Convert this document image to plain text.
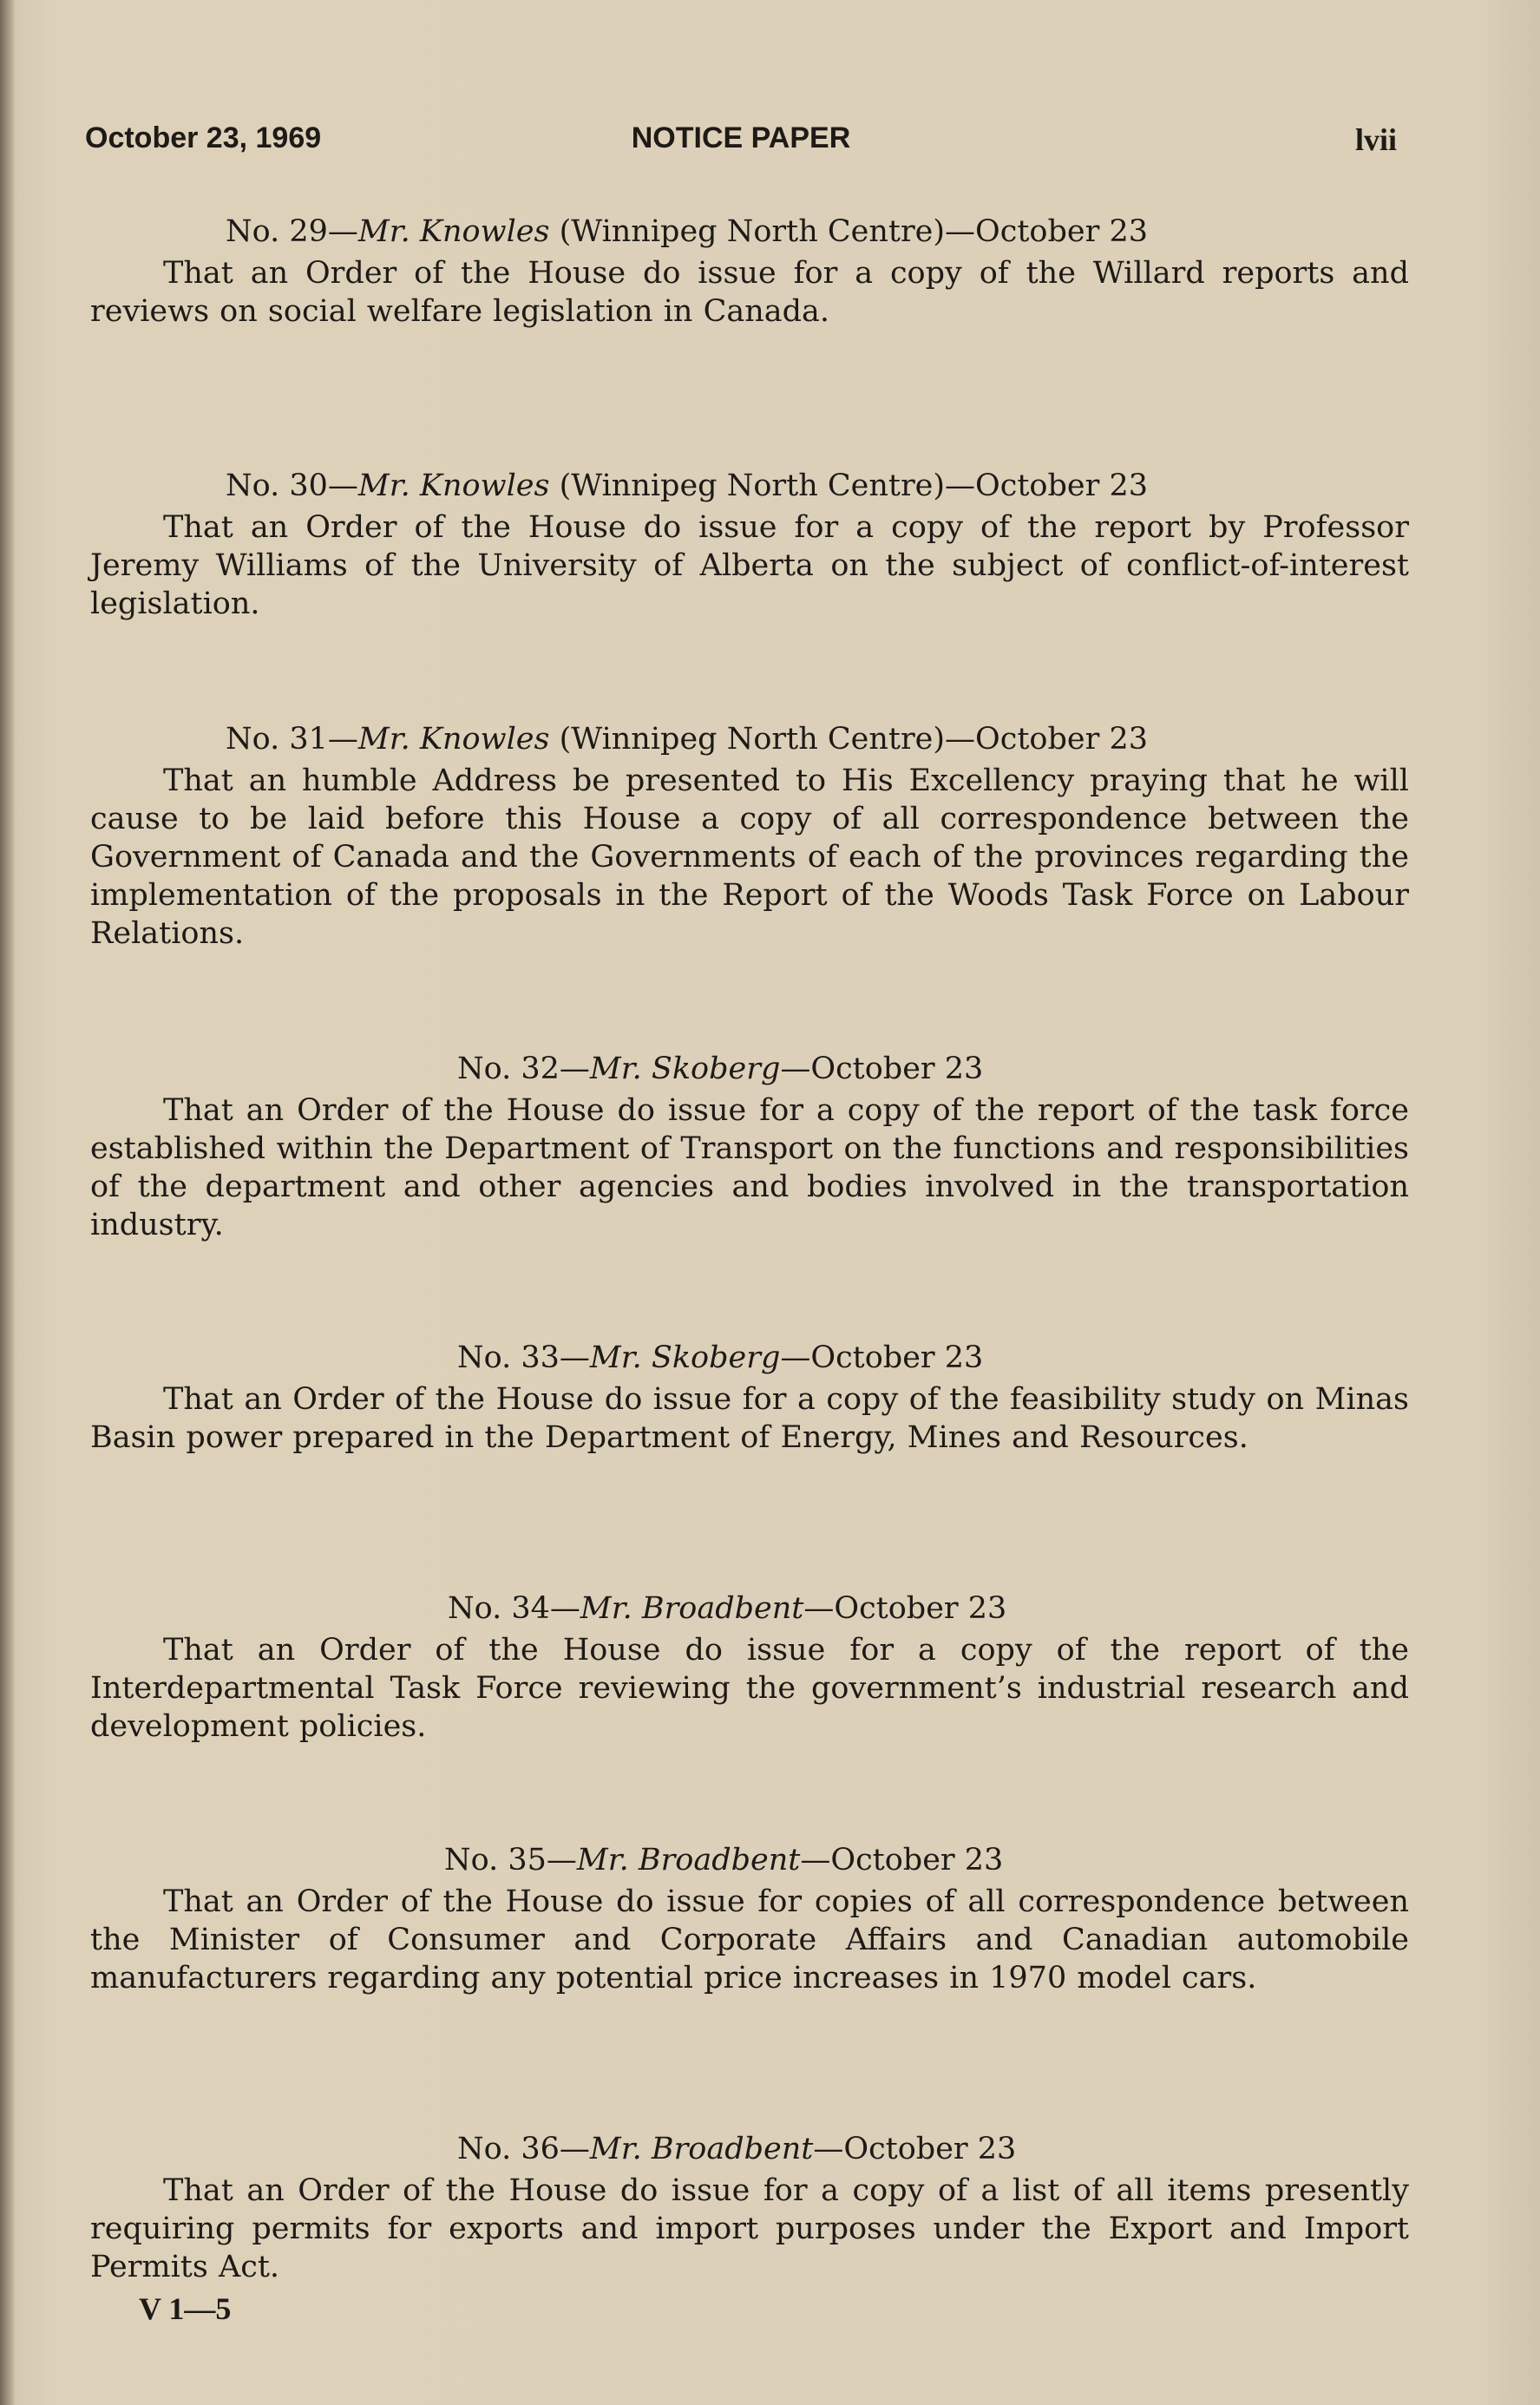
NOTICE PAPER
October 23, 1969	lvii
No. 29—Mr. Knowles (Winnipeg North Centre)—October 23
That an Order of the House do issue for a copy of the Willard reports and reviews on social welfare legislation in Canada.
No. 30—Mr. Knowles (Winnipeg North Centre)—October 23
That an Order of the House do issue for a copy of the report by Professor Jeremy Williams of the University of Alberta on the subject of conflict-of-interest legislation.
No. 31—Mr. Knowles (Winnipeg North Centre)—October 23
That an humble Address be presented to His Excellency praying that he will cause to be laid before this House a copy of all correspondence between the Government of Canada and the Governments of each of the provinces regarding the implementation of the proposals in the Report of the Woods Task Force on Labour Relations.
No. 32—Mr. Skoberg—October 23
That an Order of the House do issue for a copy of the report of the task force established within the Department of Transport on the functions and responsibilities of the department and other agencies and bodies involved in the transportation industry.
No. 33—Mr. Skoberg—October 23
That an Order of the House do issue for a copy of the feasibility study on Minas Basin power prepared in the Department of Energy, Mines and Resources.
No. 34—Mr. Broadbent—October 23
That an Order of the House do issue for a copy of the report of the Interdepartmental Task Force reviewing the government’s industrial research and development policies.
No. 35—Mr. Broadbent—October 23
That an Order of the House do issue for copies of all correspondence between the Minister of Consumer and Corporate Affairs and Canadian automobile manufacturers regarding any potential price increases in 1970 model cars.
No. 36—Mr. Broadbent—October 23
That an Order of the House do issue for a copy of a list of all items presently requiring permits for exports and import purposes under the Export and Import Permits Act.
V 1—5
